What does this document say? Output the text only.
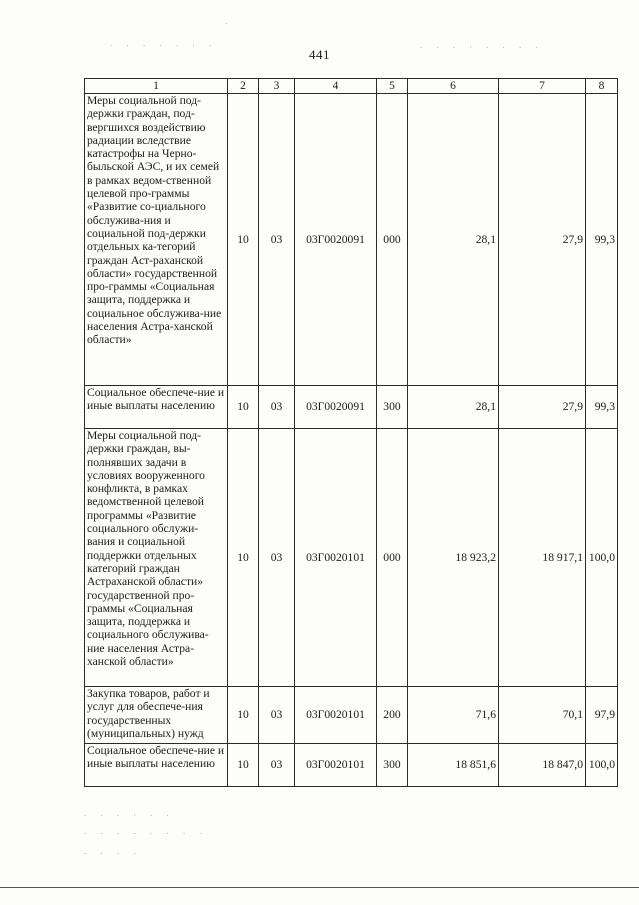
. . . . . . .
.
. . . . . . . .
441
1	2	3	4	5	6	7	8
Меры социальной под-держки граждан, под-вергшихся воздействию радиации вследствие катастрофы на Черно-быльской АЭС, и их семей в рамках ведом-ственной целевой про-граммы «Развитие со-циального обслужива-ния и социальной под-держки отдельных ка-тегорий граждан Аст-раханской области» государственной про-граммы «Социальная защита, поддержка и социальное обслужива-ние населения Астра-ханской области»	10	03	03Г0020091	000	28,1	27,9	99,3
Социальное обеспече-ние и иные выплаты населению	10	03	03Г0020091	300	28,1	27,9	99,3
Меры социальной под-держки граждан, вы-полнявших задачи в условиях вооруженного конфликта, в рамках ведомственной целевой программы «Развитие социального обслужи-вания и социальной поддержки отдельных категорий граждан Астраханской области» государственной про-граммы «Социальная защита, поддержка и социального обслужива-ние населения Астра-ханской области»	10	03	03Г0020101	000	18 923,2	18 917,1	100,0
Закупка товаров, работ и услуг для обеспече-ния государственных (муниципальных) нужд	10	03	03Г0020101	200	71,6	70,1	97,9
Социальное обеспече-ние и иные выплаты населению	10	03	03Г0020101	300	18 851,6	18 847,0	100,0
. . . . . .
. . . . . . . .
. . . .
